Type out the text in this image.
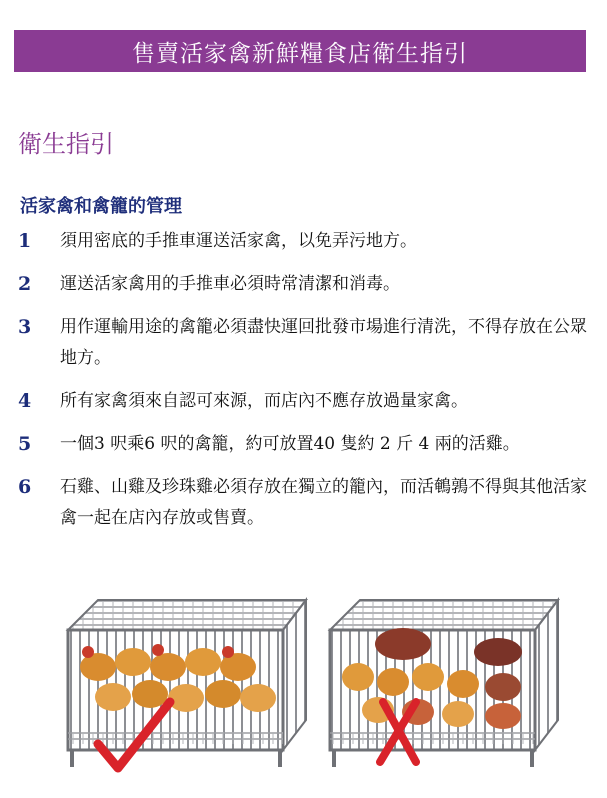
售賣活家禽新鮮糧食店衛生指引
衛生指引
活家禽和禽籠的管理
1 須用密底的手推車運送活家禽，以免弄污地方。
2 運送活家禽用的手推車必須時常清潔和消毒。
3 用作運輸用途的禽籠必須盡快運回批發市場進行清洗，不得存放在公眾地方。
4 所有家禽須來自認可來源，而店內不應存放過量家禽。
5 一個3 呎乘6 呎的禽籠，約可放置40 隻約 2 斤 4 兩的活雞。
6 石雞、山雞及珍珠雞必須存放在獨立的籠內，而活鵪鶉不得與其他活家禽一起在店內存放或售賣。
